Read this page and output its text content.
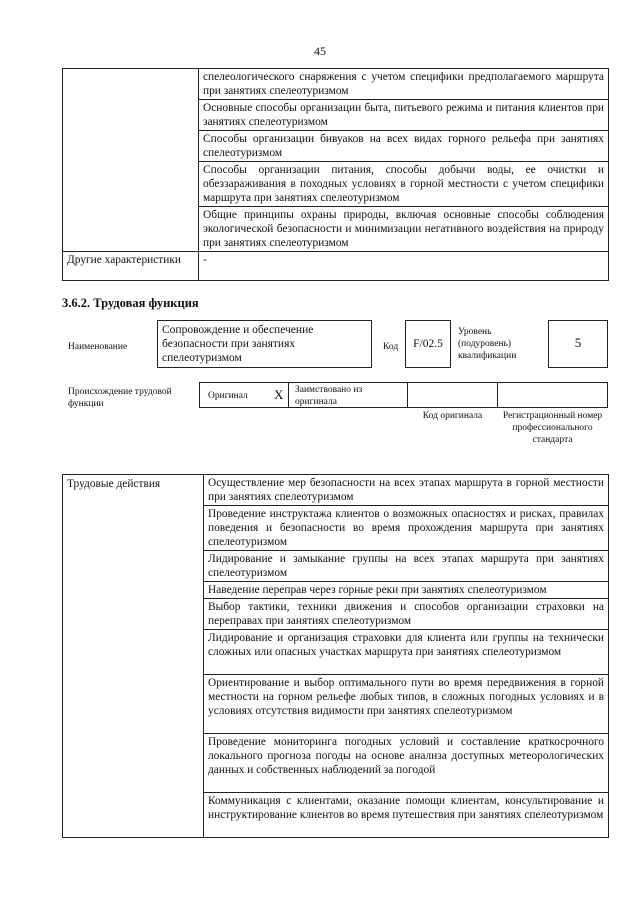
45
	спелеологического снаряжения с учетом специфики предполагаемого маршрута при занятиях спелеотуризмом
	Основные способы организации быта, питьевого режима и питания клиентов при занятиях спелеотуризмом
	Способы организации бивуаков на всех видах горного рельефа при занятиях спелеотуризмом
	Способы организации питания, способы добычи воды, ее очистки и обеззараживания в походных условиях в горной местности с учетом специфики маршрута при занятиях спелеотуризмом
	Общие принципы охраны природы, включая основные способы соблюдения экологической безопасности и минимизации негативного воздействия на природу при занятиях спелеотуризмом
Другие характеристики	-
3.6.2. Трудовая функция
Наименование
Сопровождение и обеспечение безопасности при занятиях спелеотуризмом
Код	F/02.5
Уровень (подуровень) квалификации
5
Происхождение трудовой функции
Оригинал X Заимствовано из оригинала
Код оригинала	Регистрационный номер профессионального стандарта
Трудовые действия	Осуществление мер безопасности на всех этапах маршрута в горной местности при занятиях спелеотуризмом
Проведение инструктажа клиентов о возможных опасностях и рисках, правилах поведения и безопасности во время прохождения маршрута при занятиях спелеотуризмом
Лидирование и замыкание группы на всех этапах маршрута при занятиях спелеотуризмом
Наведение переправ через горные реки при занятиях спелеотуризмом
Выбор тактики, техники движения и способов организации страховки на переправах при занятиях спелеотуризмом
Лидирование и организация страховки для клиента или группы на технически сложных или опасных участках маршрута при занятиях спелеотуризмом
Ориентирование и выбор оптимального пути во время передвижения в горной местности на горном рельефе любых типов, в сложных погодных условиях и в условиях отсутствия видимости при занятиях спелеотуризмом
Проведение мониторинга погодных условий и составление краткосрочного локального прогноза погоды на основе анализа доступных метеорологических данных и собственных наблюдений за погодой
Коммуникация с клиентами, оказание помощи клиентам, консультирование и инструктирование клиентов во время путешествия при занятиях спелеотуризмом
